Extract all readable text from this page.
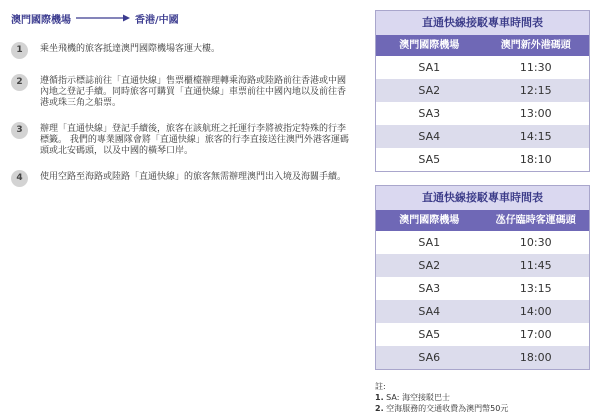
澳門國際機場	香港/中國
1	乘坐飛機的旅客抵達澳門國際機場客運大樓。
2	遵循指示標誌前往「直通快線」售票櫃檯辦理轉乘海路或陸路前往香港或中國內地之登記手續。同時旅客可購買「直通快線」車票前往中國內地以及前往香港或珠三角之船票。
3	辦理「直通快線」登記手續後，旅客在該航班之托運行李將被指定特殊的行李標籤。 我們的專業團隊會將「直通快線」旅客的行李直接送往澳門外港客運碼頭或北安碼頭，以及中國的橫琴口岸。
4	使用空路至海路或陸路「直通快線」的旅客無需辦理澳門出入境及海關手續。
直通快線接駁專車時間表
澳門國際機場	澳門新外港碼頭
SA1	11:30
SA2	12:15
SA3	13:00
SA4	14:15
SA5	18:10
直通快線接駁專車時間表
澳門國際機場	氹仔臨時客運碼頭
SA1	10:30
SA2	11:45
SA3	13:15
SA4	14:00
SA5	17:00
SA6	18:00
註:
1. SA: 海空接駁巴士
2. 空海服務的交通收費為澳門幣50元
